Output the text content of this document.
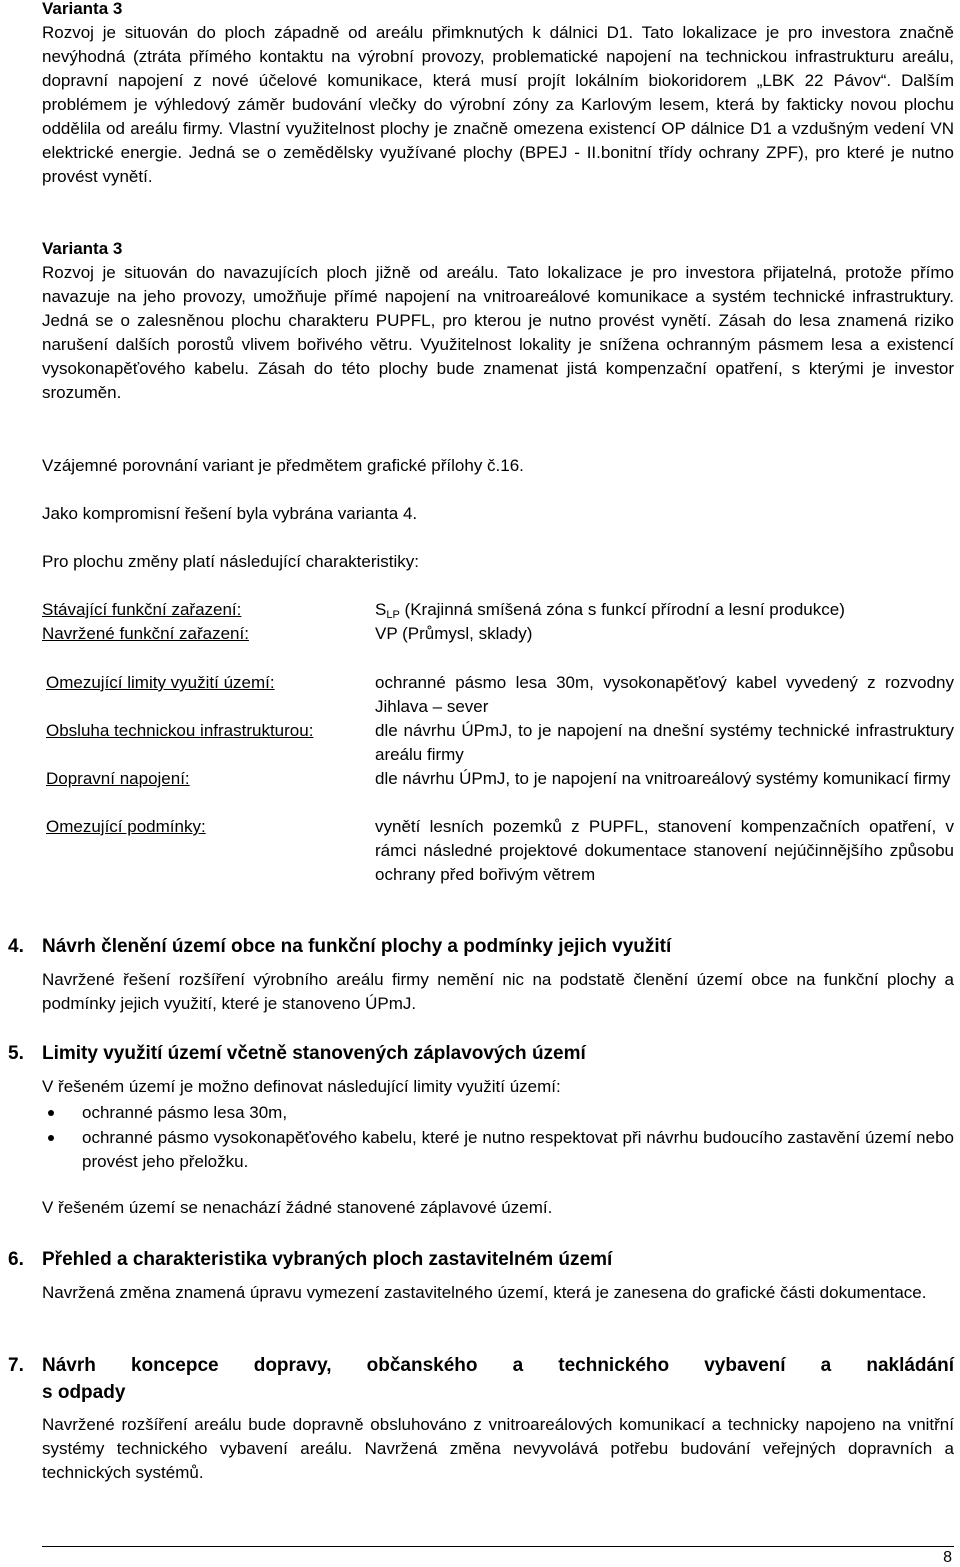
Varianta 3

Rozvoj je situován do ploch západně od areálu přimknutých k dálnici D1. Tato lokalizace je pro investora značně nevýhodná (ztráta přímého kontaktu na výrobní provozy, problematické napojení na technickou infrastrukturu areálu, dopravní napojení z nové účelové komunikace, která musí projít lokálním biokoridorem „LBK 22 Pávov“. Dalším problémem je výhledový záměr budování vlečky do výrobní zóny za Karlovým lesem, která by fakticky novou plochu oddělila od areálu firmy. Vlastní využitelnost plochy je značně omezena existencí OP dálnice D1 a vzdušným vedení VN elektrické energie. Jedná se o zemědělsky využívané plochy (BPEJ - II.bonitní třídy ochrany ZPF), pro které je nutno provést vynětí.

Varianta 3

Rozvoj je situován do navazujících ploch jižně od areálu. Tato lokalizace je pro investora přijatelná, protože přímo navazuje na jeho provozy, umožňuje přímé napojení na vnitroareálové komunikace a systém technické infrastruktury. Jedná se o zalesněnou plochu charakteru PUPFL, pro kterou je nutno provést vynětí. Zásah do lesa znamená riziko narušení dalších porostů vlivem bořivého větru. Využitelnost lokality je snížena ochranným pásmem lesa a existencí vysokonapěťového kabelu. Zásah do této plochy bude znamenat jistá kompenzační opatření, s kterými je investor srozuměn.

Vzájemné porovnání variant je předmětem grafické přílohy č.16.

Jako kompromisní řešení byla vybrána varianta 4.

Pro plochu změny platí následující charakteristiky:

Stávající funkční zařazení:	$S_{LP}$ (Krajinná smíšená zóna s funkcí přírodní a lesní produkce)
Navržené funkční zařazení:	VP (Průmysl, sklady)
Omezující limity využití území:	ochranné pásmo lesa 30m, vysokonapěťový kabel vyvedený z rozvodny Jihlava – sever
Obsluha technickou infrastrukturou:	dle návrhu ÚPmJ, to je napojení na dnešní systémy technické infrastruktury areálu firmy
Dopravní napojení:	dle návrhu ÚPmJ, to je napojení na vnitroareálový systémy komunikací firmy
Omezující podmínky:	vynětí lesních pozemků z PUPFL, stanovení kompenzačních opatření, v rámci následné projektové dokumentace stanovení nejúčinnějšího způsobu ochrany před bořivým větrem
4. Návrh členění území obce na funkční plochy a podmínky jejich využití

Navržené řešení rozšíření výrobního areálu firmy nemění nic na podstatě členění území obce na funkční plochy a podmínky jejich využití, které je stanoveno ÚPmJ.

5. Limity využití území včetně stanovených záplavových území

V řešeném území je možno definovat následující limity využití území:

ochranné pásmo lesa 30m,
ochranné pásmo vysokonapěťového kabelu, které je nutno respektovat při návrhu budoucího zastavění území nebo provést jeho přeložku.

V řešeném území se nenachází žádné stanovené záplavové území.

6. Přehled a charakteristika vybraných ploch zastavitelném území

Navržená změna znamená úpravu vymezení zastavitelného území, která je zanesena do grafické části dokumentace.

7. Návrh koncepce dopravy, občanského a technického vybavení a nakládání
s odpady

Navržené rozšíření areálu bude dopravně obsluhováno z vnitroareálových komunikací a technicky napojeno na vnitřní systémy technického vybavení areálu. Navržená změna nevyvolává potřebu budování veřejných dopravních a technických systémů.

8
